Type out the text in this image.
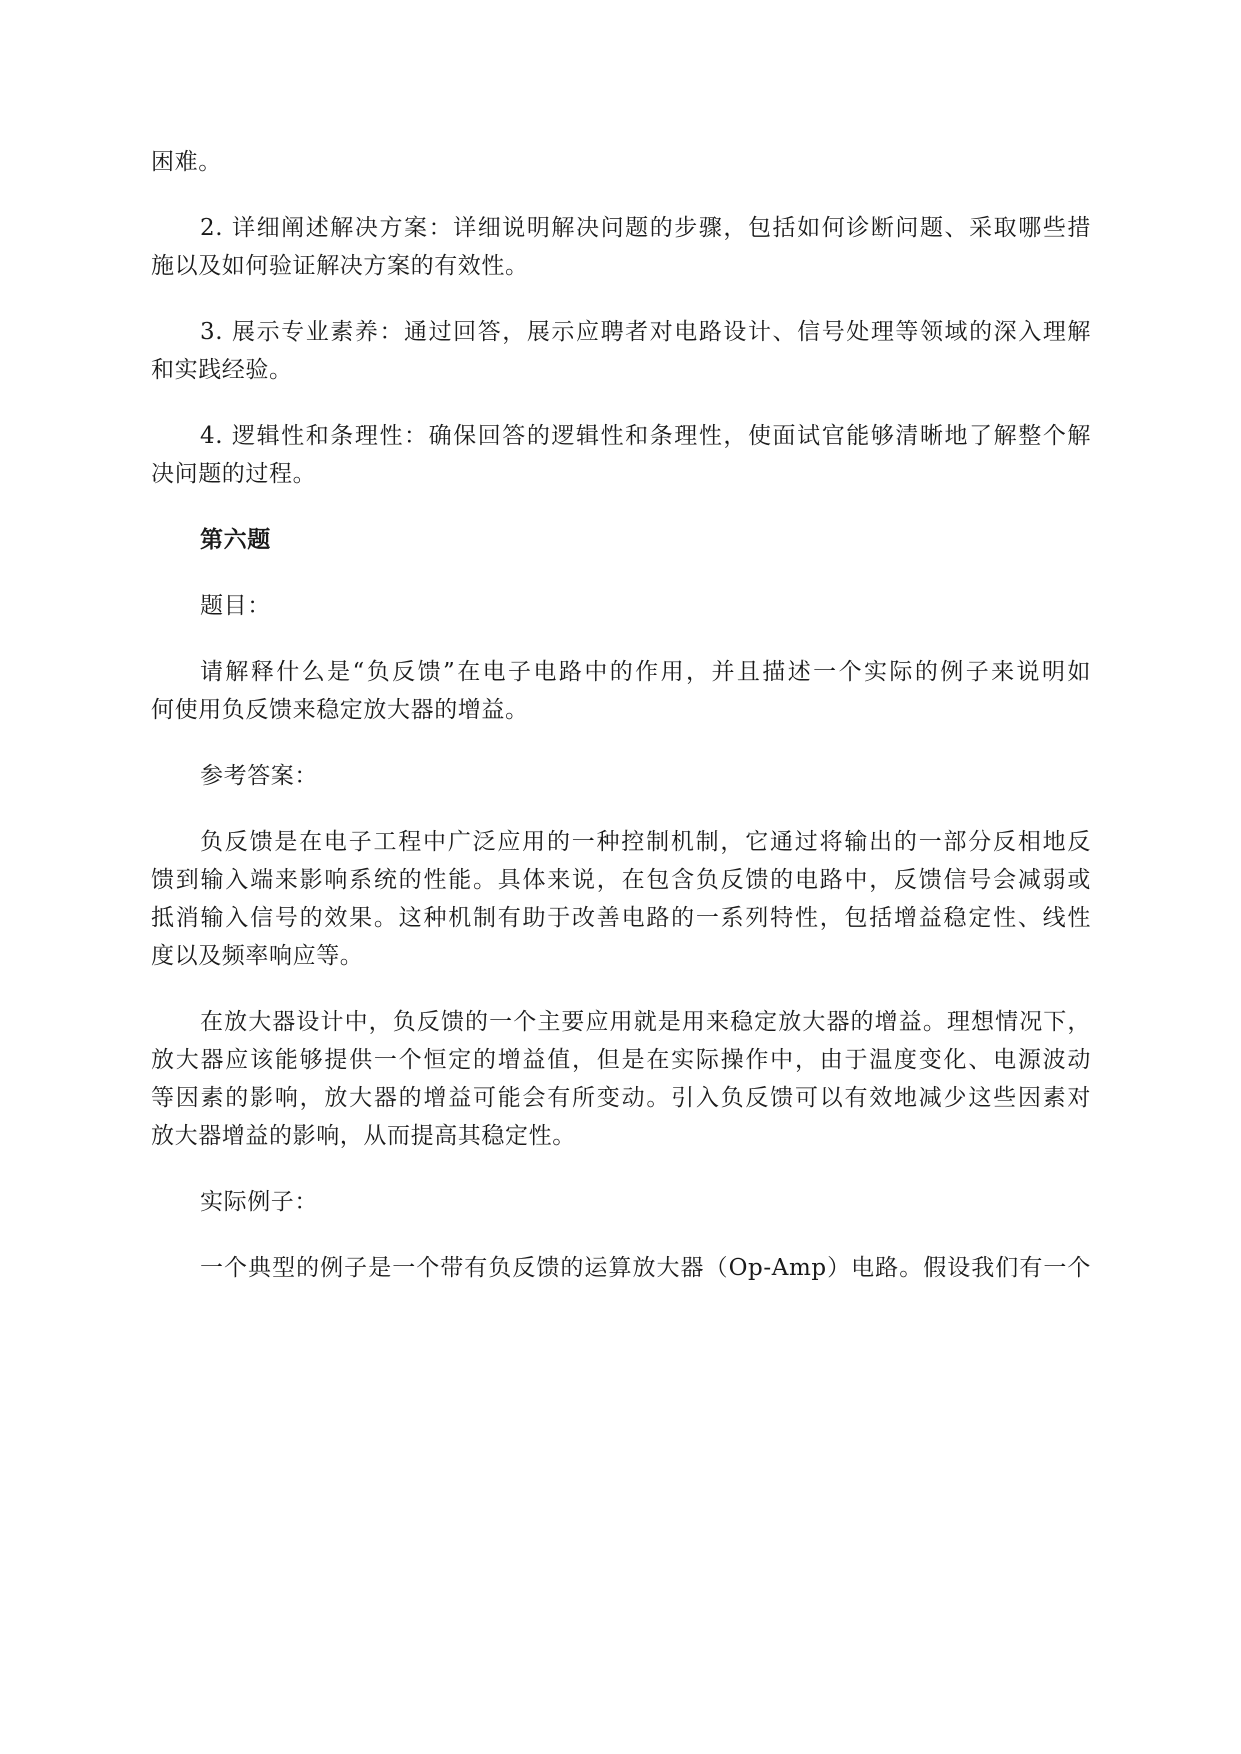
困难。
2. 详细阐述解决方案：详细说明解决问题的步骤，包括如何诊断问题、采取哪些措
施以及如何验证解决方案的有效性。
3. 展示专业素养：通过回答，展示应聘者对电路设计、信号处理等领域的深入理解
和实践经验。
4. 逻辑性和条理性：确保回答的逻辑性和条理性，使面试官能够清晰地了解整个解
决问题的过程。
第六题
题目：
请解释什么是“负反馈”在电子电路中的作用，并且描述一个实际的例子来说明如
何使用负反馈来稳定放大器的增益。
参考答案：
负反馈是在电子工程中广泛应用的一种控制机制，它通过将输出的一部分反相地反
馈到输入端来影响系统的性能。具体来说，在包含负反馈的电路中，反馈信号会减弱或
抵消输入信号的效果。这种机制有助于改善电路的一系列特性，包括增益稳定性、线性
度以及频率响应等。
在放大器设计中，负反馈的一个主要应用就是用来稳定放大器的增益。理想情况下，
放大器应该能够提供一个恒定的增益值，但是在实际操作中，由于温度变化、电源波动
等因素的影响，放大器的增益可能会有所变动。引入负反馈可以有效地减少这些因素对
放大器增益的影响，从而提高其稳定性。
实际例子：
一个典型的例子是一个带有负反馈的运算放大器（Op-Amp）电路。假设我们有一个
